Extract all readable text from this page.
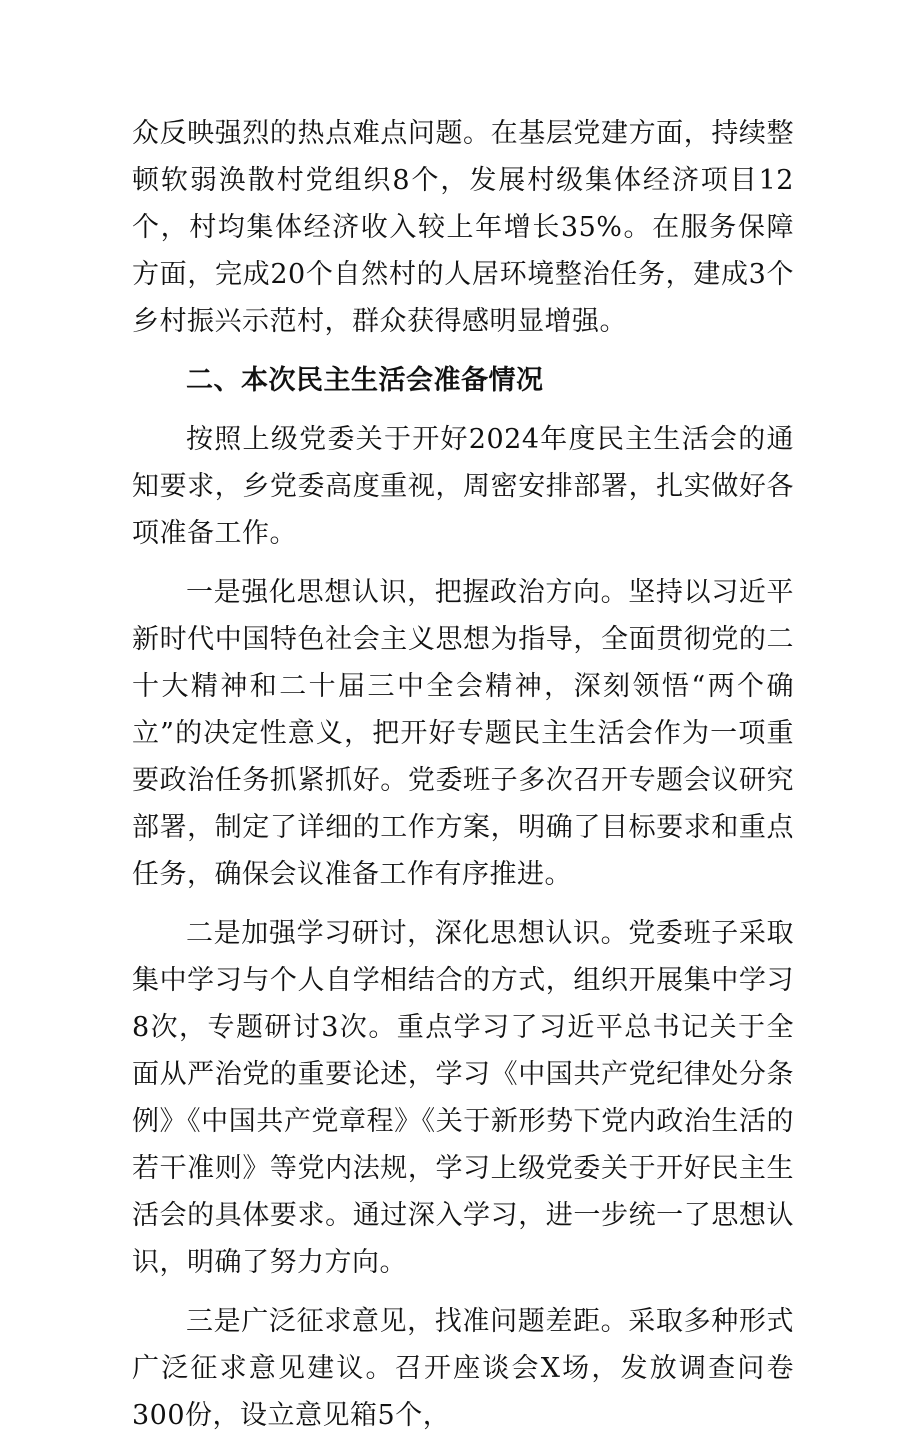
众反映强烈的热点难点问题。在基层党建方面，持续整顿软弱涣散村党组织8个，发展村级集体经济项目12个，村均集体经济收入较上年增长35%。在服务保障方面，完成20个自然村的人居环境整治任务，建成3个乡村振兴示范村，群众获得感明显增强。

二、本次民主生活会准备情况

按照上级党委关于开好2024年度民主生活会的通知要求，乡党委高度重视，周密安排部署，扎实做好各项准备工作。

一是强化思想认识，把握政治方向。坚持以习近平新时代中国特色社会主义思想为指导，全面贯彻党的二十大精神和二十届三中全会精神，深刻领悟“两个确立”的决定性意义，把开好专题民主生活会作为一项重要政治任务抓紧抓好。党委班子多次召开专题会议研究部署，制定了详细的工作方案，明确了目标要求和重点任务，确保会议准备工作有序推进。

二是加强学习研讨，深化思想认识。党委班子采取集中学习与个人自学相结合的方式，组织开展集中学习8次，专题研讨3次。重点学习了习近平总书记关于全面从严治党的重要论述，学习《中国共产党纪律处分条例》《中国共产党章程》《关于新形势下党内政治生活的若干准则》等党内法规，学习上级党委关于开好民主生活会的具体要求。通过深入学习，进一步统一了思想认识，明确了努力方向。

三是广泛征求意见，找准问题差距。采取多种形式广泛征求意见建议。召开座谈会X场，发放调查问卷300份，设立意见箱5个，
